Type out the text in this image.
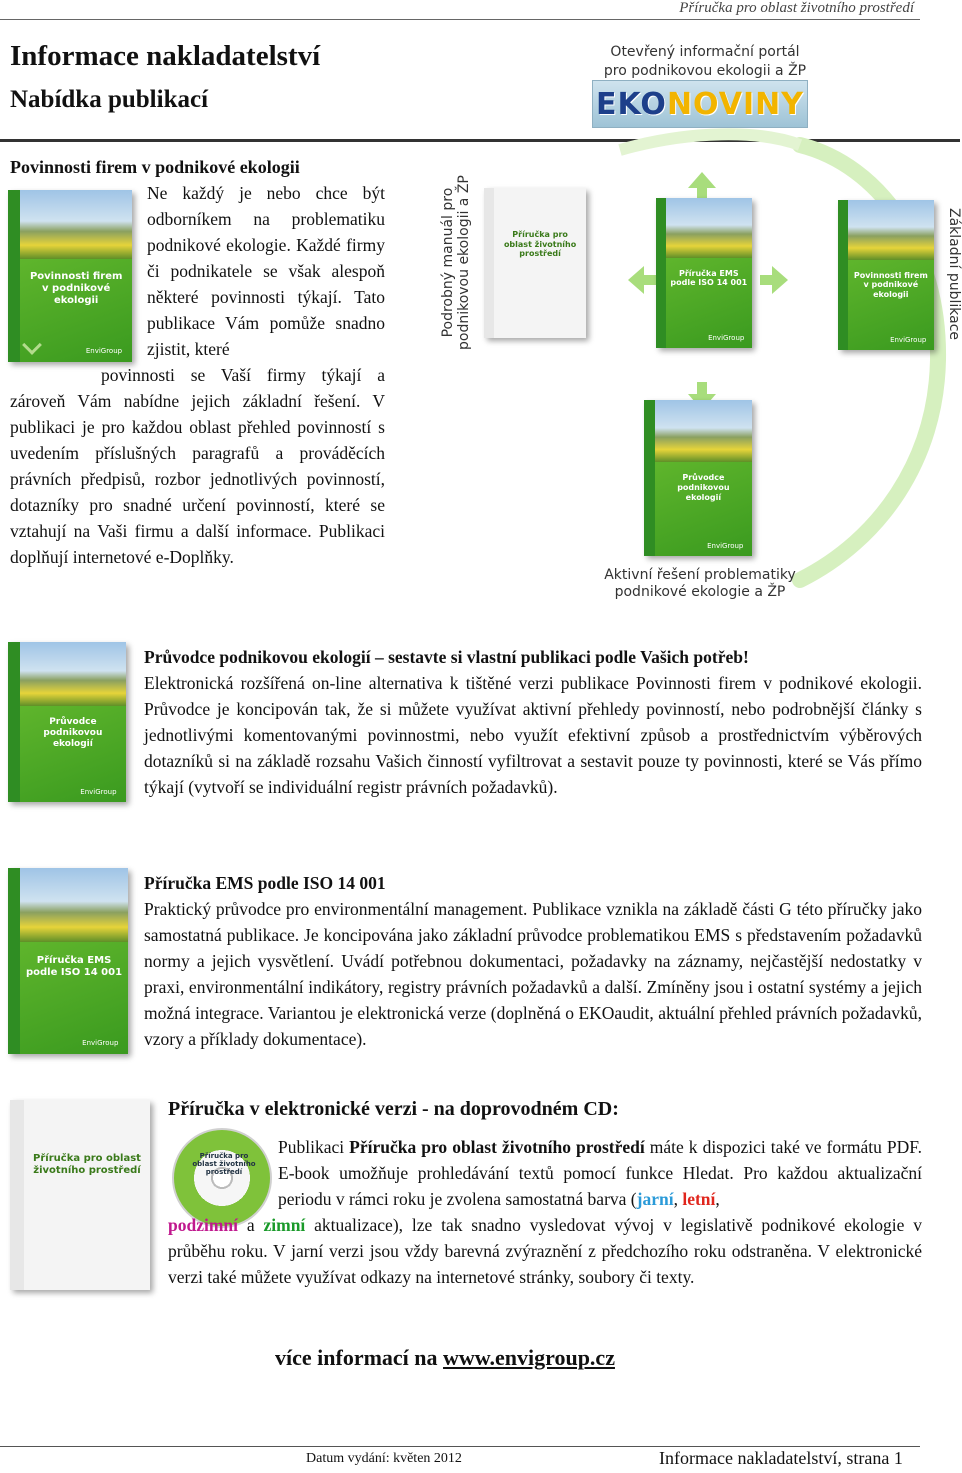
Příručka pro oblast životního prostředí
Informace nakladatelství
Nabídka publikací
Otevřený informační portál
pro podnikovou ekologii a ŽP
EKONOVINY
Povinnosti firem v podnikové ekologii
Povinnosti firem v podnikové ekologii
EnviGroup
Ne každý je nebo chce být odborníkem na problematiku podnikové ekologie. Každé firmy či podnikatele se však alespoň některé povinnosti týkají. Tato publikace Vám pomůže snadno zjistit, které
povinnosti se Vaší firmy týkají a
zároveň Vám nabídne jejich základní řešení. V publikaci je pro každou oblast přehled povinností s uvedením příslušných paragrafů a prováděcích právních předpisů, rozbor jednotlivých povinností, dotazníky pro snadné určení povinností, které se vztahují na Vaši firmu a další informace. Publikaci doplňují internetové e-Doplňky.
Příručka pro oblast životního prostředí
Příručka EMS podle ISO 14 001
EnviGroup
Povinnosti firem v podnikové ekologii
EnviGroup
Průvodce podnikovou ekologií
EnviGroup
Podrobný manuál pro podnikovou ekologii a ŽP	Základní publikace
Aktivní řešení problematiky
podnikové ekologie a ŽP
Průvodce podnikovou ekologií
EnviGroup
Průvodce podnikovou ekologií – sestavte si vlastní publikaci podle Vašich potřeb!
Elektronická rozšířená on-line alternativa k tištěné verzi publikace Povinnosti firem v podnikové ekologii. Průvodce je koncipován tak, že si můžete využívat aktivní přehledy povinností, nebo podrobnější články s jednotlivými komentovanými povinnostmi, nebo využít efektivní způsob a prostřednictvím výběrových dotazníků si na základě rozsahu Vašich činností vyfiltrovat a sestavit pouze ty povinnosti, které se Vás přímo týkají (vytvoří se individuální registr právních požadavků).
Příručka EMS podle ISO 14 001
EnviGroup
Příručka EMS podle ISO 14 001
Praktický průvodce pro environmentální management. Publikace vznikla na základě části G této příručky jako samostatná publikace. Je koncipována jako základní průvodce problematikou EMS s představením požadavků normy a jejich vysvětlení. Uvádí potřebnou dokumentaci, požadavky na záznamy, nejčastější nedostatky v praxi, environmentální indikátory, registry právních požadavků a další. Zmíněny jsou i ostatní systémy a jejich možná integrace. Variantou je elektronická verze (doplněná o EKOaudit, aktuální přehled právních požadavků, vzory a příklady dokumentace).
Příručka pro oblast životního prostředí
Příručka pro oblast životního prostředí
Příručka v elektronické verzi - na doprovodném CD:
Publikaci Příručka pro oblast životního prostředí máte k dispozici také ve formátu PDF. E-book umožňuje prohledávání textů pomocí funkce Hledat. Pro každou aktualizační periodu v rámci roku je zvolena samostatná barva (jarní, letní,
podzimní a zimní aktualizace), lze tak snadno vysledovat vývoj v legislativě podnikové ekologie v průběhu roku. V jarní verzi jsou vždy barevná zvýraznění z předchozího roku odstraněna. V elektronické verzi také můžete využívat odkazy na internetové stránky, soubory či texty.
více informací na www.envigroup.cz
Datum vydání: květen 2012	Informace nakladatelství, strana 1
